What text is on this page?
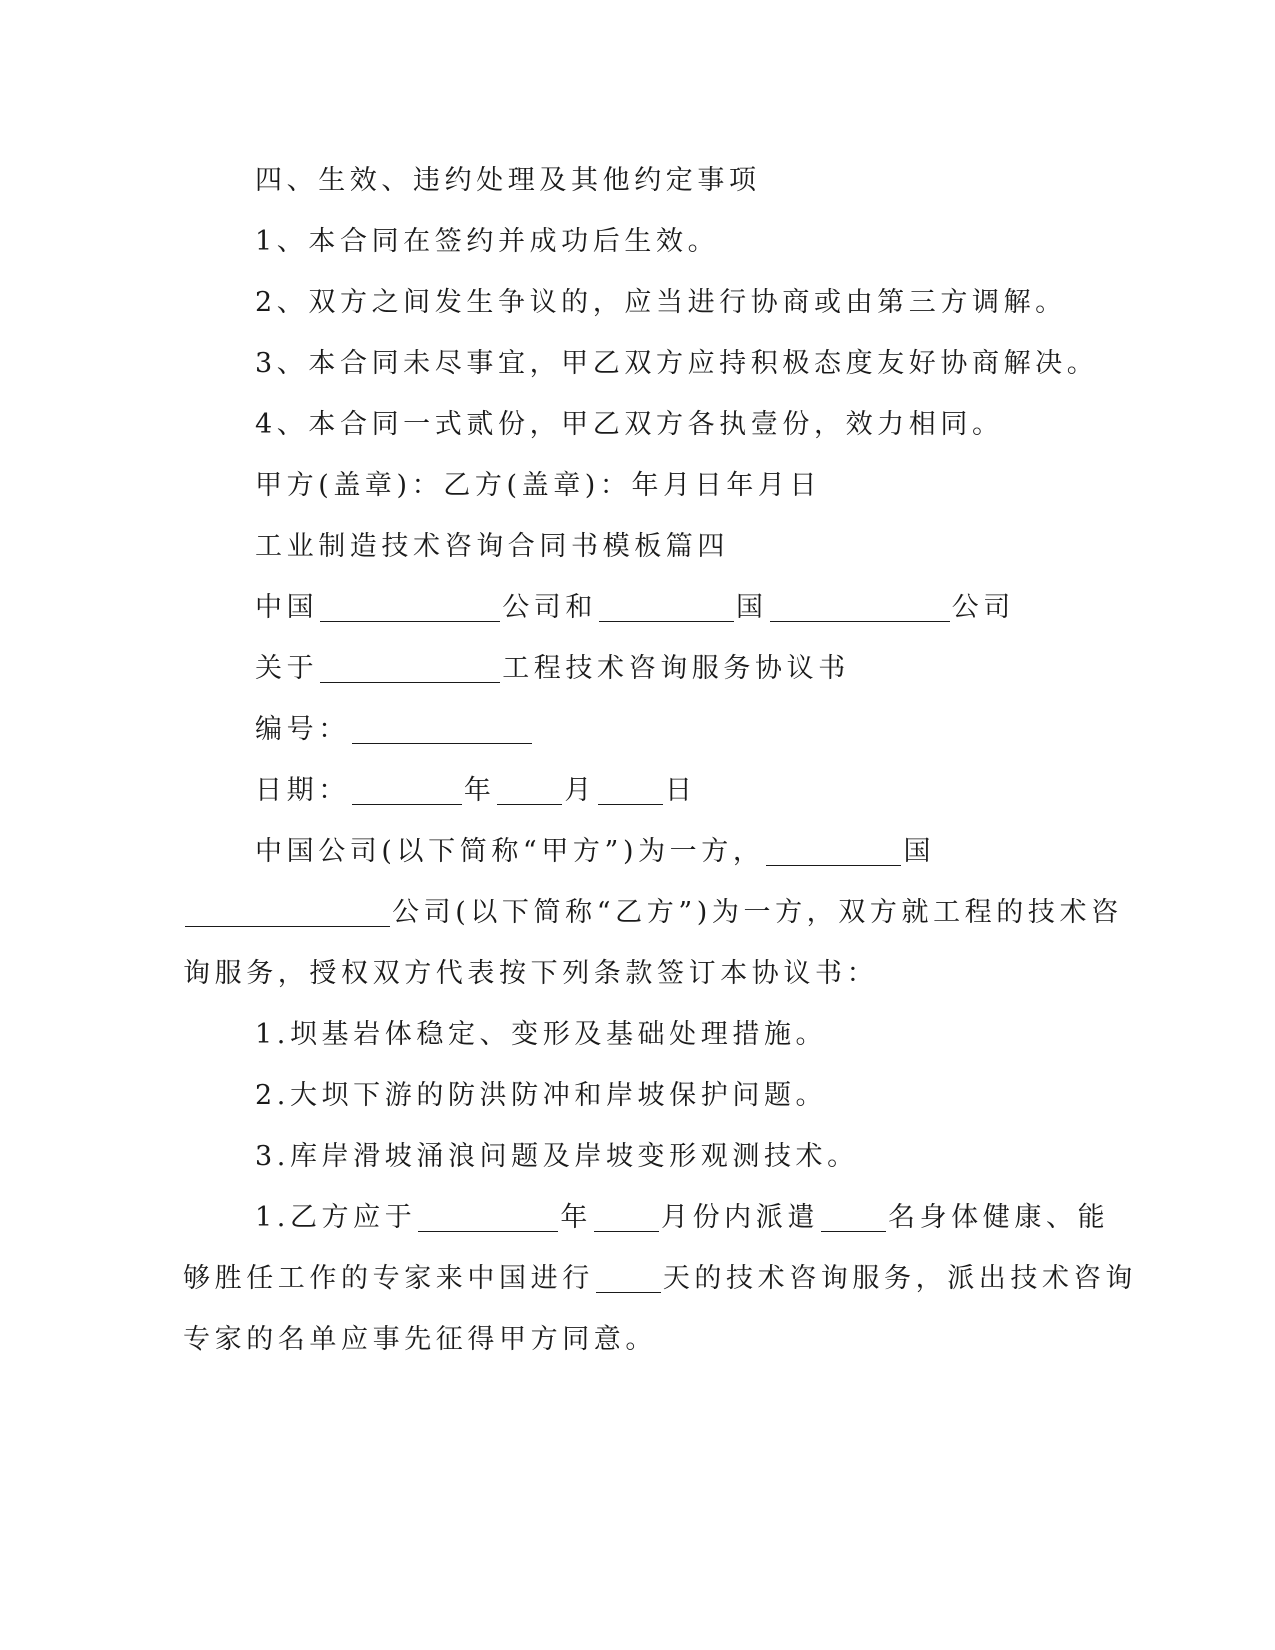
四、生效、违约处理及其他约定事项

1、本合同在签约并成功后生效。

2、双方之间发生争议的，应当进行协商或由第三方调解。

3、本合同未尽事宜，甲乙双方应持积极态度友好协商解决。

4、本合同一式贰份，甲乙双方各执壹份，效力相同。

甲方(盖章)：乙方(盖章)：年月日年月日

工业制造技术咨询合同书模板篇四

中国	公司和	国	公司

关于	工程技术咨询服务协议书

编号：

日期：	年	月	日

中国公司(以下简称“甲方”)为一方，	国

公司(以下简称“乙方”)为一方，双方就工程的技术咨

询服务，授权双方代表按下列条款签订本协议书：

1.坝基岩体稳定、变形及基础处理措施。

2.大坝下游的防洪防冲和岸坡保护问题。

3.库岸滑坡涌浪问题及岸坡变形观测技术。

1.乙方应于	年	月份内派遣	名身体健康、能

够胜任工作的专家来中国进行	天的技术咨询服务，派出技术咨询

专家的名单应事先征得甲方同意。
